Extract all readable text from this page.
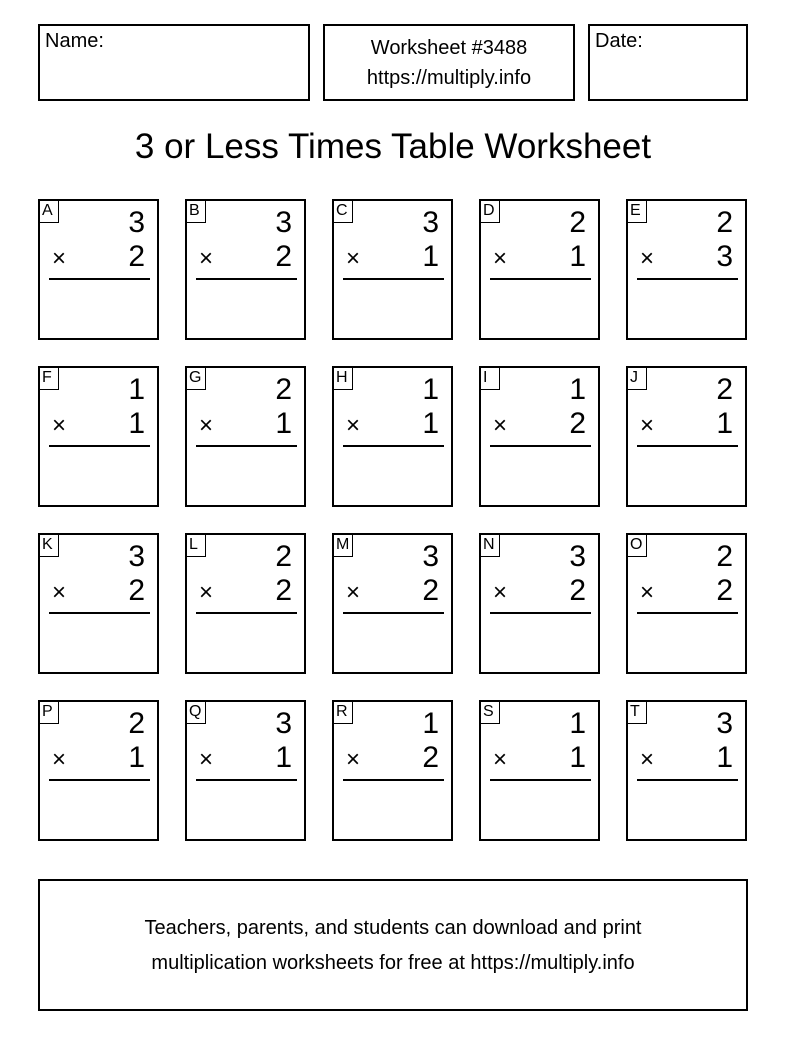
Name:	Worksheet #3488
https://multiply.info
Date:
3 or Less Times Table Worksheet
A	3
× 2
B	3
× 2
C 3
× 1
D 2
× 1
E	2
× 3
F	1
× 1
G 2
× 1
H 1
× 1
I	1
× 2
J	2
× 1
K	3
× 2
L	2
× 2
M 3
× 2
N 3
× 2
O 2
× 2
P	2
× 1
Q 3
× 1
R 1
× 2
S	1
× 1
T	3
× 1
Teachers, parents, and students can download and print
multiplication worksheets for free at https://multiply.info
